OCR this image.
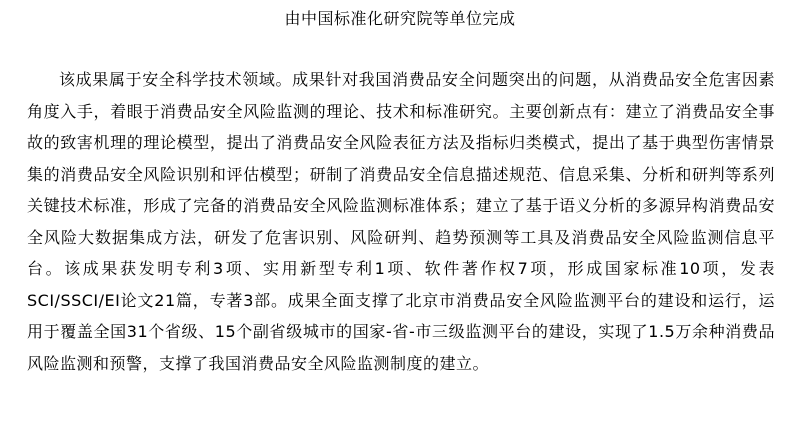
由中国标准化研究院等单位完成

该成果属于安全科学技术领域。成果针对我国消费品安全问题突出的问题，从消费品安全危害因素角度入手，着眼于消费品安全风险监测的理论、技术和标准研究。主要创新点有：建立了消费品安全事故的致害机理的理论模型，提出了消费品安全风险表征方法及指标归类模式，提出了基于典型伤害情景集的消费品安全风险识别和评估模型；研制了消费品安全信息描述规范、信息采集、分析和研判等系列关键技术标准，形成了完备的消费品安全风险监测标准体系；建立了基于语义分析的多源异构消费品安全风险大数据集成方法，研发了危害识别、风险研判、趋势预测等工具及消费品安全风险监测信息平台。该成果获发明专利3项、实用新型专利1项、软件著作权7项，形成国家标准10项，发表SCI/SSCI/EI论文21篇，专著3部。成果全面支撑了北京市消费品安全风险监测平台的建设和运行，运用于覆盖全国31个省级、15个副省级城市的国家-省-市三级监测平台的建设，实现了1.5万余种消费品风险监测和预警，支撑了我国消费品安全风险监测制度的建立。
